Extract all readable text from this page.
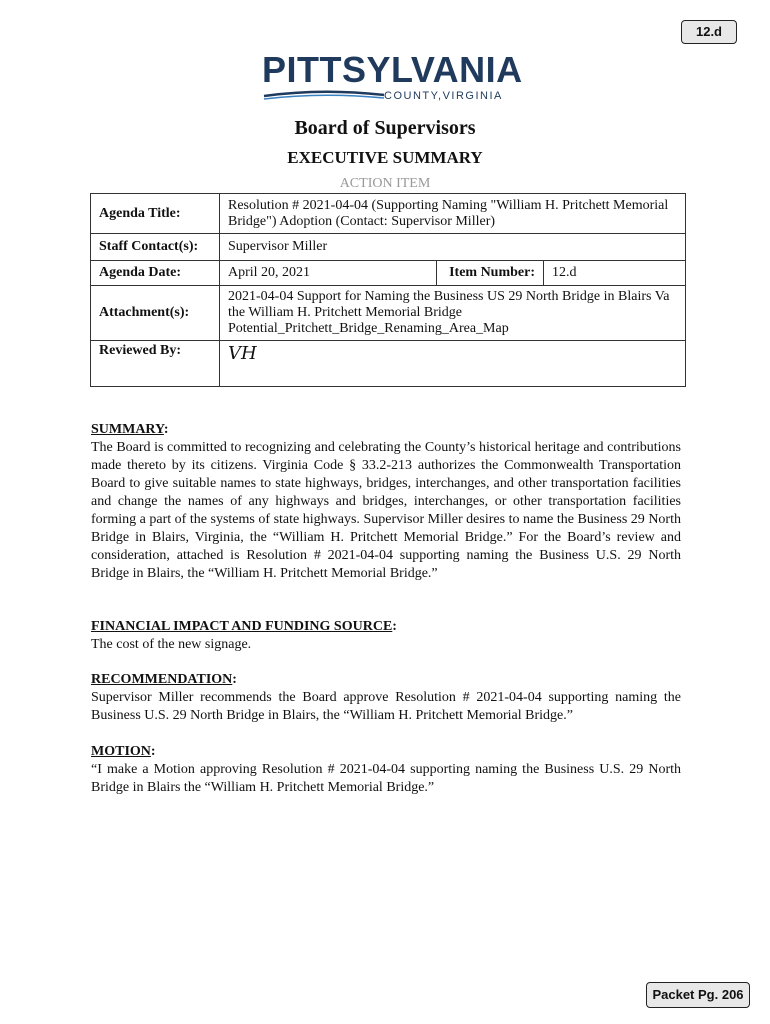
12.d
PITTSYLVANIA
COUNTY,VIRGINIA
Board of Supervisors
EXECUTIVE SUMMARY
ACTION ITEM
Agenda Title:	Resolution # 2021-04-04 (Supporting Naming "William H. Pritchett Memorial Bridge") Adoption (Contact: Supervisor Miller)		
Staff Contact(s):	Supervisor Miller		
Agenda Date:	April 20, 2021	Item Number:	12.d
Attachment(s):	2021-04-04 Support for Naming the Business US 29 North Bridge in Blairs Va the William H. Pritchett Memorial Bridge
Potential_Pritchett_Bridge_Renaming_Area_Map		

Reviewed By:	VH		
SUMMARY:
The Board is committed to recognizing and celebrating the County’s historical heritage and contributions made thereto by its citizens. Virginia Code § 33.2-213 authorizes the Commonwealth Transportation Board to give suitable names to state highways, bridges, interchanges, and other transportation facilities and change the names of any highways and bridges, interchanges, or other transportation facilities forming a part of the systems of state highways. Supervisor Miller desires to name the Business 29 North Bridge in Blairs, Virginia, the “William H. Pritchett Memorial Bridge.” For the Board’s review and consideration, attached is Resolution # 2021-04-04 supporting naming the Business U.S. 29 North Bridge in Blairs, the “William H. Pritchett Memorial Bridge.”
FINANCIAL IMPACT AND FUNDING SOURCE:
The cost of the new signage.
RECOMMENDATION:
Supervisor Miller recommends the Board approve Resolution # 2021-04-04 supporting naming the Business U.S. 29 North Bridge in Blairs, the “William H. Pritchett Memorial Bridge.”
MOTION:
“I make a Motion approving Resolution # 2021-04-04 supporting naming the Business U.S. 29 North Bridge in Blairs the “William H. Pritchett Memorial Bridge.”
Packet Pg. 206
